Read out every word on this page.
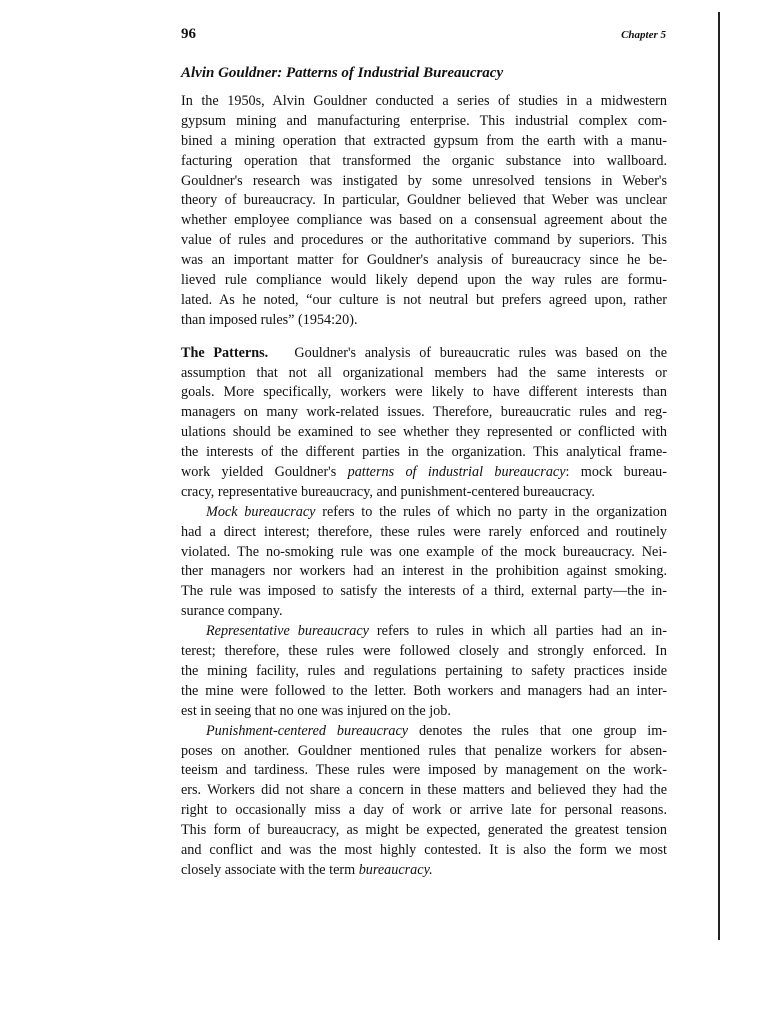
96	Chapter 5
Alvin Gouldner: Patterns of Industrial Bureaucracy
In the 1950s, Alvin Gouldner conducted a series of studies in a midwestern
gypsum mining and manufacturing enterprise. This industrial complex com-
bined a mining operation that extracted gypsum from the earth with a manu-
facturing operation that transformed the organic substance into wallboard.
Gouldner's research was instigated by some unresolved tensions in Weber's
theory of bureaucracy. In particular, Gouldner believed that Weber was unclear
whether employee compliance was based on a consensual agreement about the
value of rules and procedures or the authoritative command by superiors. This
was an important matter for Gouldner's analysis of bureaucracy since he be-
lieved rule compliance would likely depend upon the way rules are formu-
lated. As he noted, “our culture is not neutral but prefers agreed upon, rather
than imposed rules” (1954:20).
The Patterns. Gouldner's analysis of bureaucratic rules was based on the
assumption that not all organizational members had the same interests or
goals. More specifically, workers were likely to have different interests than
managers on many work-related issues. Therefore, bureaucratic rules and reg-
ulations should be examined to see whether they represented or conflicted with
the interests of the different parties in the organization. This analytical frame-
work yielded Gouldner's patterns of industrial bureaucracy: mock bureau-
cracy, representative bureaucracy, and punishment-centered bureaucracy.
Mock bureaucracy refers to the rules of which no party in the organization
had a direct interest; therefore, these rules were rarely enforced and routinely
violated. The no-smoking rule was one example of the mock bureaucracy. Nei-
ther managers nor workers had an interest in the prohibition against smoking.
The rule was imposed to satisfy the interests of a third, external party—the in-
surance company.
Representative bureaucracy refers to rules in which all parties had an in-
terest; therefore, these rules were followed closely and strongly enforced. In
the mining facility, rules and regulations pertaining to safety practices inside
the mine were followed to the letter. Both workers and managers had an inter-
est in seeing that no one was injured on the job.
Punishment-centered bureaucracy denotes the rules that one group im-
poses on another. Gouldner mentioned rules that penalize workers for absen-
teeism and tardiness. These rules were imposed by management on the work-
ers. Workers did not share a concern in these matters and believed they had the
right to occasionally miss a day of work or arrive late for personal reasons.
This form of bureaucracy, as might be expected, generated the greatest tension
and conflict and was the most highly contested. It is also the form we most
closely associate with the term bureaucracy.
